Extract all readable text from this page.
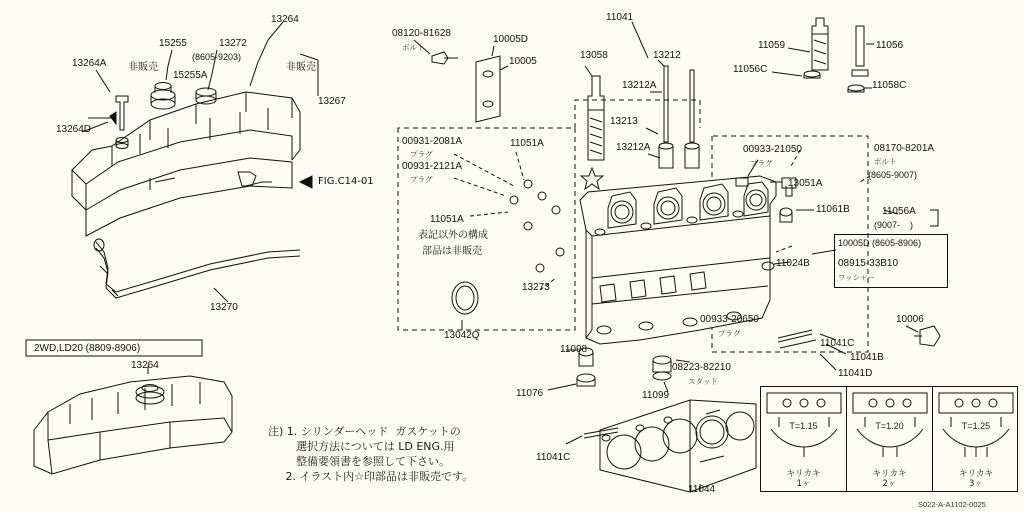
13264
13272
(8605-9203)
15255
非販売
15255A
13264A	非販売
13267
13264D
13270
2WD,LD20 (8809-8906)
13264
08120-81628
ボルト
10005D
10005
13058	13212
13212A
13213
13212A
11041
11059	11056
11056C
11058C
00933-21050
プラグ
08170-8201A
ボルト
(8605-9007)
11056A
(9007-    )
13051A
11061B
00931-2081A
プラグ
00931-2121A
プラグ
11051A
11051A
表記以外の構成
部品は非販売
13273
13042Q
11098
11076	11099
08223-82210
スタッド
00933-20650
プラグ
11024B
10005D (8605-8906)
08915-33B10
ワッシャー
10006
11041C
11041B
11041D
11041C
11044
FIG.C14-01
S022-A-A1102-0025
注) 1. シリンダーヘッド  ガスケットの
選択方法については LD ENG.用
整備要領書を参照して下さい。
2. イラスト内☆印部品は非販売です。
T=1.15
キリカキ
1ヶ
T=1.20
キリカキ
2ヶ
T=1.25
キリカキ
3ヶ
